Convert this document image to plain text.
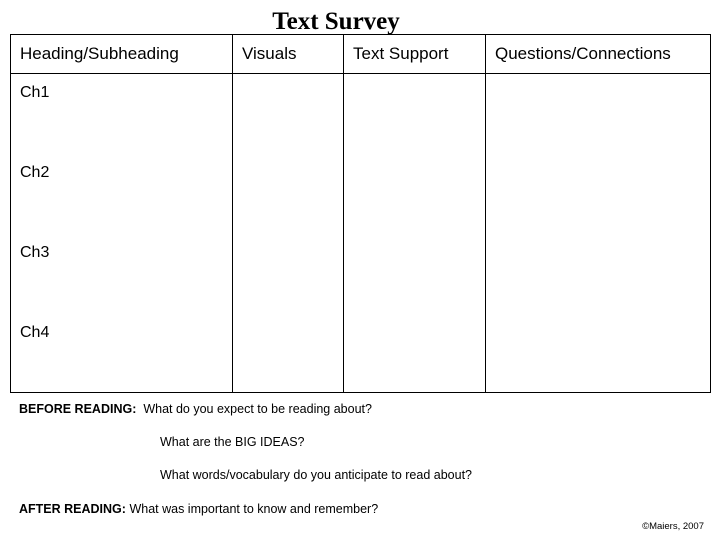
Text Survey
Heading/Subheading	Visuals	Text Support	Questions/Connections

Ch1
Ch2
Ch3
Ch4			

BEFORE READING: What do you expect to be reading about?
What are the BIG IDEAS?
What words/vocabulary do you anticipate to read about?
AFTER READING: What was important to know and remember?
©Maiers, 2007
